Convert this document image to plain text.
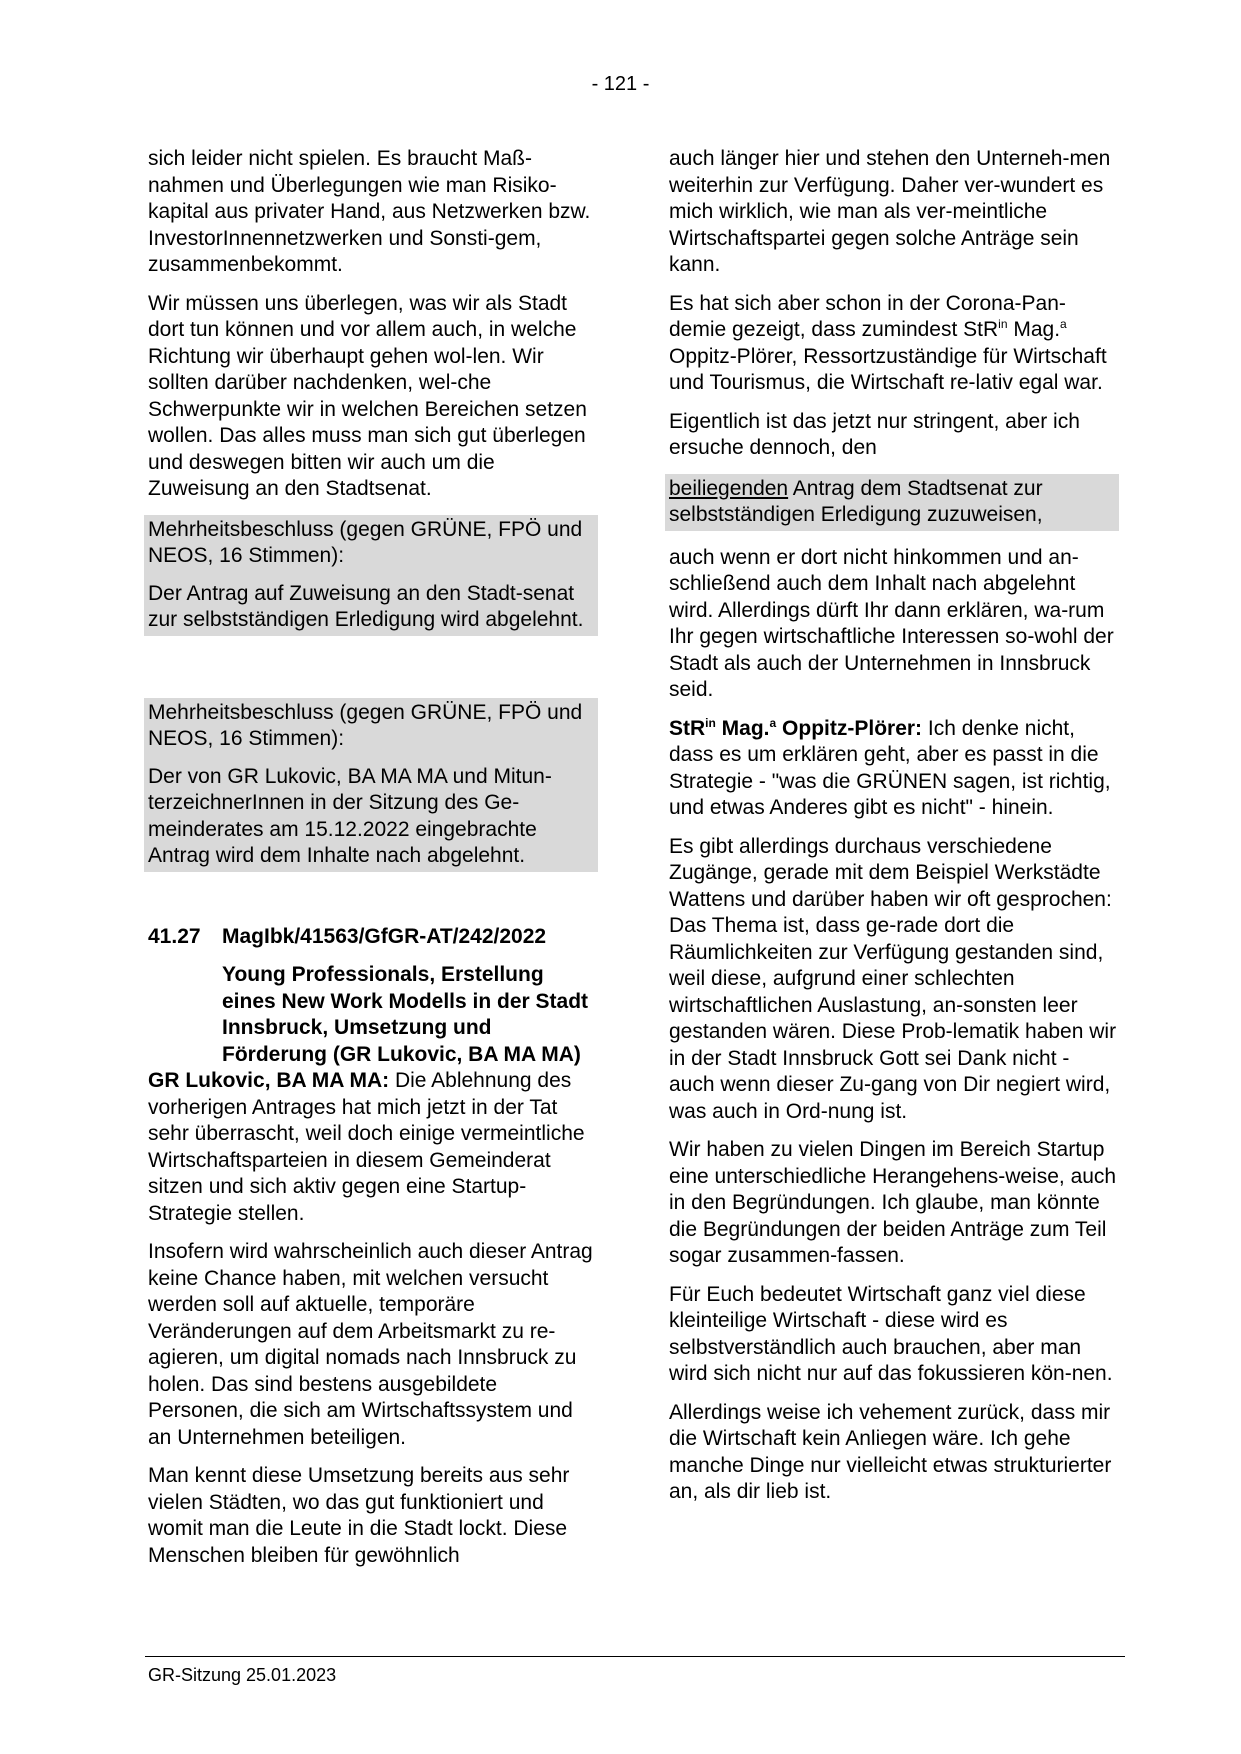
- 121 -

sich leider nicht spielen. Es braucht Maß-nahmen und Überlegungen wie man Risiko-kapital aus privater Hand, aus Netzwerken bzw. InvestorInnennetzwerken und Sonsti-gem, zusammenbekommt.

Wir müssen uns überlegen, was wir als Stadt dort tun können und vor allem auch, in welche Richtung wir überhaupt gehen wol-len. Wir sollten darüber nachdenken, wel-che Schwerpunkte wir in welchen Bereichen setzen wollen. Das alles muss man sich gut überlegen und deswegen bitten wir auch um die Zuweisung an den Stadtsenat.

Mehrheitsbeschluss (gegen GRÜNE, FPÖ und NEOS, 16 Stimmen):

Der Antrag auf Zuweisung an den Stadt-senat zur selbstständigen Erledigung wird abgelehnt.

Mehrheitsbeschluss (gegen GRÜNE, FPÖ und NEOS, 16 Stimmen):

Der von GR Lukovic, BA MA MA und Mitun-terzeichnerInnen in der Sitzung des Ge-meinderates am 15.12.2022 eingebrachte Antrag wird dem Inhalte nach abgelehnt.

41.27	MagIbk/41563/GfGR-AT/242/2022

Young Professionals, Erstellung eines New Work Modells in der Stadt Innsbruck, Umsetzung und Förderung (GR Lukovic, BA MA MA)

GR Lukovic, BA MA MA: Die Ablehnung des vorherigen Antrages hat mich jetzt in der Tat sehr überrascht, weil doch einige vermeintliche Wirtschaftsparteien in diesem Gemeinderat sitzen und sich aktiv gegen eine Startup-Strategie stellen.

Insofern wird wahrscheinlich auch dieser Antrag keine Chance haben, mit welchen versucht werden soll auf aktuelle, temporäre Veränderungen auf dem Arbeitsmarkt zu re-agieren, um digital nomads nach Innsbruck zu holen. Das sind bestens ausgebildete Personen, die sich am Wirtschaftssystem und an Unternehmen beteiligen.

Man kennt diese Umsetzung bereits aus sehr vielen Städten, wo das gut funktioniert und womit man die Leute in die Stadt lockt. Diese Menschen bleiben für gewöhnlich

auch länger hier und stehen den Unterneh-men weiterhin zur Verfügung. Daher ver-wundert es mich wirklich, wie man als ver-meintliche Wirtschaftspartei gegen solche Anträge sein kann.

Es hat sich aber schon in der Corona-Pan-demie gezeigt, dass zumindest StR$^{in}$ Mag.$^a$ Oppitz-Plörer, Ressortzuständige für Wirtschaft und Tourismus, die Wirtschaft re-lativ egal war.

Eigentlich ist das jetzt nur stringent, aber ich ersuche dennoch, den

beiliegenden Antrag dem Stadtsenat zur selbstständigen Erledigung zuzuweisen,

auch wenn er dort nicht hinkommen und an-schließend auch dem Inhalt nach abgelehnt wird. Allerdings dürft Ihr dann erklären, wa-rum Ihr gegen wirtschaftliche Interessen so-wohl der Stadt als auch der Unternehmen in Innsbruck seid.

StR$^{in}$ Mag.$^a$ Oppitz-Plörer: Ich denke nicht, dass es um erklären geht, aber es passt in die Strategie - "was die GRÜNEN sagen, ist richtig, und etwas Anderes gibt es nicht" - hinein.

Es gibt allerdings durchaus verschiedene Zugänge, gerade mit dem Beispiel Werkstädte Wattens und darüber haben wir oft gesprochen: Das Thema ist, dass ge-rade dort die Räumlichkeiten zur Verfügung gestanden sind, weil diese, aufgrund einer schlechten wirtschaftlichen Auslastung, an-sonsten leer gestanden wären. Diese Prob-lematik haben wir in der Stadt Innsbruck Gott sei Dank nicht - auch wenn dieser Zu-gang von Dir negiert wird, was auch in Ord-nung ist.

Wir haben zu vielen Dingen im Bereich Startup eine unterschiedliche Herangehens-weise, auch in den Begründungen. Ich glaube, man könnte die Begründungen der beiden Anträge zum Teil sogar zusammen-fassen.

Für Euch bedeutet Wirtschaft ganz viel diese kleinteilige Wirtschaft - diese wird es selbstverständlich auch brauchen, aber man wird sich nicht nur auf das fokussieren kön-nen.

Allerdings weise ich vehement zurück, dass mir die Wirtschaft kein Anliegen wäre. Ich gehe manche Dinge nur vielleicht etwas strukturierter an, als dir lieb ist.

GR-Sitzung 25.01.2023
